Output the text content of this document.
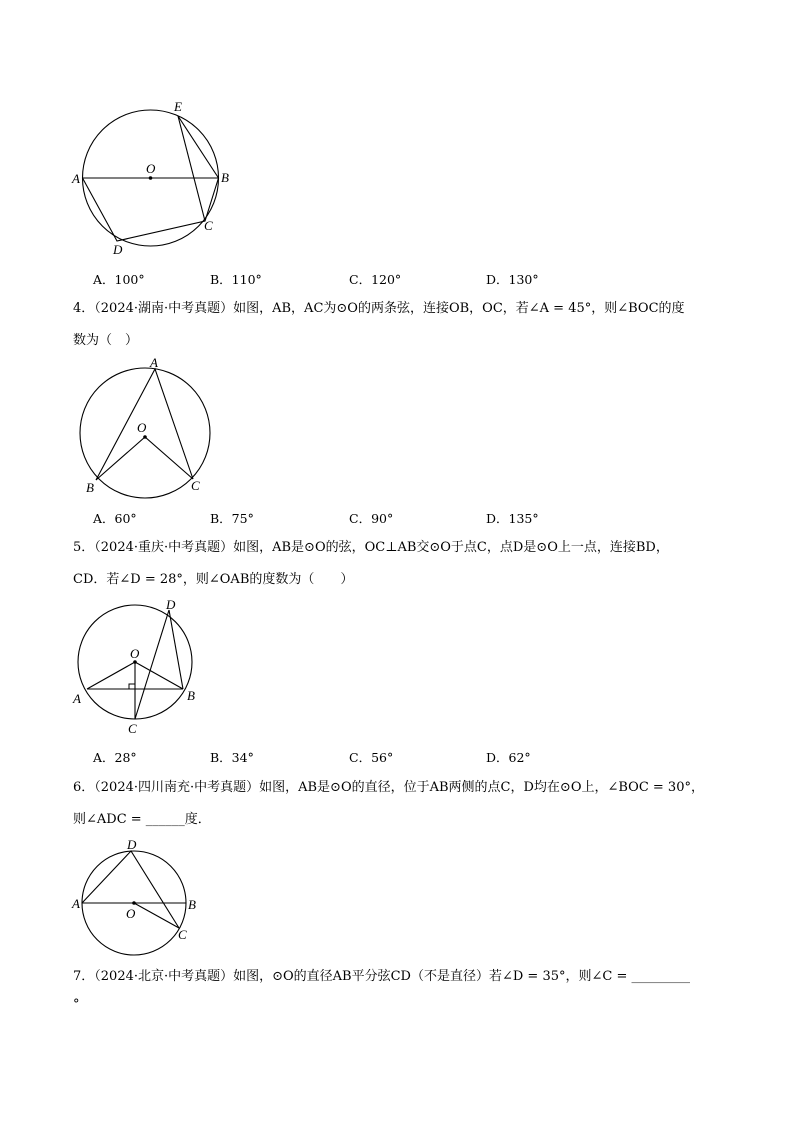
A	B
O
E
C
D
A．100°	B．110°	C．120°	D．130°
4．（2024·湖南·中考真题）如图，AB，AC为⊙O的两条弦，连接OB，OC，若∠A = 45°，则∠BOC的度
数为（　）
A
O
B	C
A．60°	B．75°	C．90°	D．135°
5．（2024·重庆·中考真题）如图，AB是⊙O的弦，OC⊥AB交⊙O于点C，点D是⊙O上一点，连接BD，
CD．若∠D = 28°，则∠OAB的度数为（　　）
D
O
A	B
C
A．28°	B．34°	C．56°	D．62°
6．（2024·四川南充·中考真题）如图，AB是⊙O的直径，位于AB两侧的点C，D均在⊙O上，∠BOC = 30°，
则∠ADC = ______度．
D
A
O
B
C
7．（2024·北京·中考真题）如图，⊙O的直径AB平分弦CD（不是直径）若∠D = 35°，则∠C = _________
°
